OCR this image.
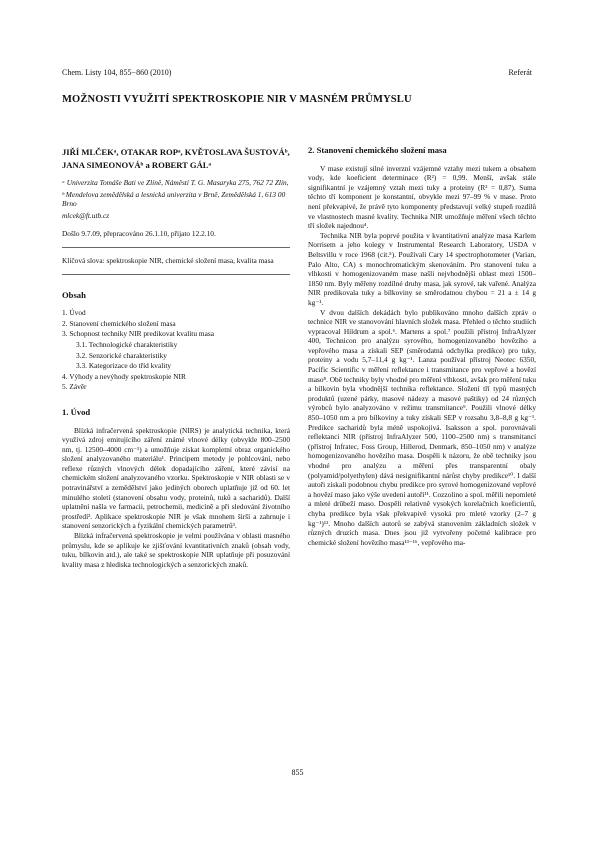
Chem. Listy 104, 855−860 (2010)	Referát
MOŽNOSTI VYUŽITÍ SPEKTROSKOPIE NIR V MASNÉM PRŮMYSLU
JIŘÍ MLČEKᵃ, OTAKAR ROPᵃ, KVĚTOSLAVA ŠUSTOVÁᵇ, JANA SIMEONOVÁᵇ a ROBERT GÁLᵃ

ᵃ Univerzita Tomáše Bati ve Zlíně, Náměstí T. G. Masaryka 275, 762 72 Zlín,

ᵇ Mendelova zemědělská a lesnická univerzita v Brně, Zemědělská 1, 613 00 Brno

mlcek@ft.utb.cz

Došlo 9.7.09, přepracováno 26.1.10, přijato 12.2.10.
Klíčová slova: spektroskopie NIR, chemické složení masa, kvalita masa
Obsah
1. Úvod
2. Stanovení chemického složení masa
3. Schopnost techniky NIR predikovat kvalitu masa
3.1. Technologické charakteristiky
3.2. Senzorické charakteristiky
3.3. Kategorizace do tříd kvality
4. Výhody a nevýhody spektroskopie NIR
5. Závěr
1. Úvod

Blízká infračervená spektroskopie (NIRS) je analytická technika, která využívá zdroj emitujícího záření známé vlnové délky (obvykle 800–2500 nm, tj. 12500–4000 cm⁻¹) a umožňuje získat kompletní obraz organického složení analyzovaného materiálu¹. Principem metody je pohlcování, nebo reflexe různých vlnových délek dopadajícího záření, které závisí na chemickém složení analyzovaného vzorku. Spektroskopie v NIR oblasti se v potravinářství a zemědělství jako jediných oborech uplatňuje již od 60. let minulého století (stanovení obsahu vody, proteinů, tuků a sacharidů). Další uplatnění našla ve farmacii, petrochemii, medicíně a při sledování životního prostředí². Aplikace spektroskopie NIR je však mnohem širší a zahrnuje i stanovení senzorických a fyzikální chemických parametrů³.

Blízká infračervená spektroskopie je velmi používána v oblasti masného průmyslu, kde se aplikuje ke zjišťování kvantitativních znaků (obsah vody, tuku, bílkovin atd.), ale také se spektroskopie NIR uplatňuje při posuzování kvality masa z hlediska technologických a senzorických znaků.

2. Stanovení chemického složení masa

V mase existují silné inverzní vzájemné vztahy mezi tukem a obsahem vody, kde koeficient determinace (R²) = 0,99. Menší, avšak stále signifikantní je vzájemný vztah mezi tuky a proteiny (R² = 0,87). Suma těchto tří komponent je konstantní, obvykle mezi 97–99 % v mase. Proto není překvapivé, že právě tyto komponenty představují velký stupeň rozdílů ve vlastnostech masné kvality. Technika NIR umožňuje měření všech těchto tří složek najednou⁴.

Technika NIR byla poprvé použita v kvantitativní analýze masa Karlem Norrisem a jeho kolegy v Instrumental Research Laboratory, USDA v Beltsvillu v roce 1968 (cit.⁵). Používali Cary 14 spectrophotometer (Varian, Palo Alto, CA) s monochromatickým skenováním. Pro stanovení tuku a vlhkosti v homogenizovaném mase našli nejvhodnější oblast mezi 1500–1850 nm. Byly měřeny rozdílné druhy masa, jak syrové, tak vařené. Analýza NIR predikovala tuky a bílkoviny se směrodatnou chybou = 21 a ± 14 g kg⁻¹.

V dvou dalších dekádách bylo publikováno mnoho dalších zpráv o technice NIR ve stanovování hlavních složek masa. Přehled o těchto studiích vypracoval Hildrum a spol.⁶. Martens a spol.⁷ použili přístroj InfraAlyzer 400, Technicon pro analýzu syrového, homogenizovaného hovězího a vepřového masa a získali SEP (směrodatná odchylka predikce) pro tuky, proteiny a vodu 5,7–11,4 g kg⁻¹. Lanza používal přístroj Neotec 6350, Pacific Scientific v měření reflektance i transmitance pro vepřové a hovězí maso⁸. Obě techniky byly vhodné pro měření vlhkosti, avšak pro měření tuku a bílkovin byla vhodnější technika reflektance. Složení tří typů masných produktů (uzené párky, masové nádezy a masové paštiky) od 24 různých výrobců bylo analyzováno v režimu transmitance⁹. Použili vlnové délky 850–1050 nm a pro bílkoviny a tuky získali SEP v rozsahu 3,8–8,8 g kg⁻¹. Predikce sacharidů byla méně uspokojivá. Isaksson a spol. porovnávali reflektanci NIR (přístroj InfraAlyzer 500, 1100–2500 nm) s transmitancí (přístroj Infratec, Foss Group, Hillerod, Denmark, 850–1050 nm) v analýze homogenizovaného hovězího masa. Dospěli k názoru, že obě techniky jsou vhodné pro analýzu a měření přes transparentní obaly (polyamid/polyethylen) dává nesignifikantní nárůst chyby predikce¹⁰. I další autoři získali podobnou chybu predikce pro syrové homogenizované vepřové a hovězí maso jako výše uvedení autoři¹¹. Cozzolino a spol. měřili nepomleté a mleté drūbeží maso. Dospěli relativně vysokých korelačních koeficientů, chyba predikce byla však překvapivě vysoká pro mleté vzorky (2–7 g kg⁻¹)¹². Mnoho dalších autorů se zabývá stanovením základních složek v různých druzích masa. Dnes jsou již vytvořeny početné kalibrace pro chemické složení hovězího masa¹³⁻¹⁶, vepřového ma-

855
